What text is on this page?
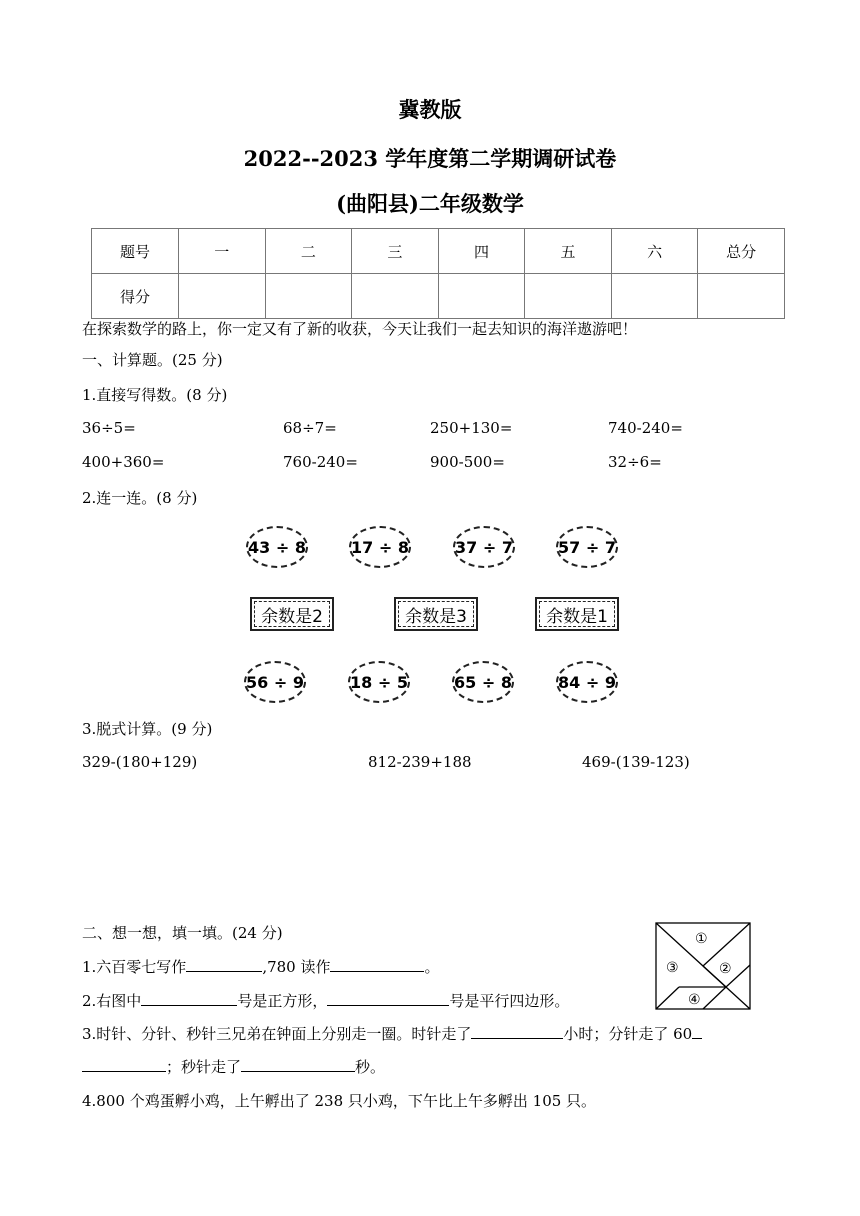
冀教版
2022--2023 学年度第二学期调研试卷
(曲阳县)二年级数学
题号	一	二	三	四	五	六	总分
得分							
在探索数学的路上，你一定又有了新的收获，今天让我们一起去知识的海洋遨游吧！
一、计算题。(25 分)
1.直接写得数。(8 分)
36÷5=	68÷7=	250+130=	740-240=
400+360=	760-240=	900-500=	32÷6=
2.连一连。(8 分)
43 ÷ 8	17 ÷ 8	37 ÷ 7	57 ÷ 7
余数是2	余数是3	余数是1
56 ÷ 9	18 ÷ 5	65 ÷ 8	84 ÷ 9
3.脱式计算。(9 分)
329-(180+129)	812-239+188	469-(139-123)
二、想一想，填一填。(24 分)
1.六百零七写作	,780 读作	。
2.右图中	号是正方形，	号是平行四边形。
3.时针、分针、秒针三兄弟在钟面上分别走一圈。时针走了	小时；分针走了 60
；秒针走了	秒。
4.800 个鸡蛋孵小鸡，上午孵出了 238 只小鸡，下午比上午多孵出 105 只。
①
②
③
④
